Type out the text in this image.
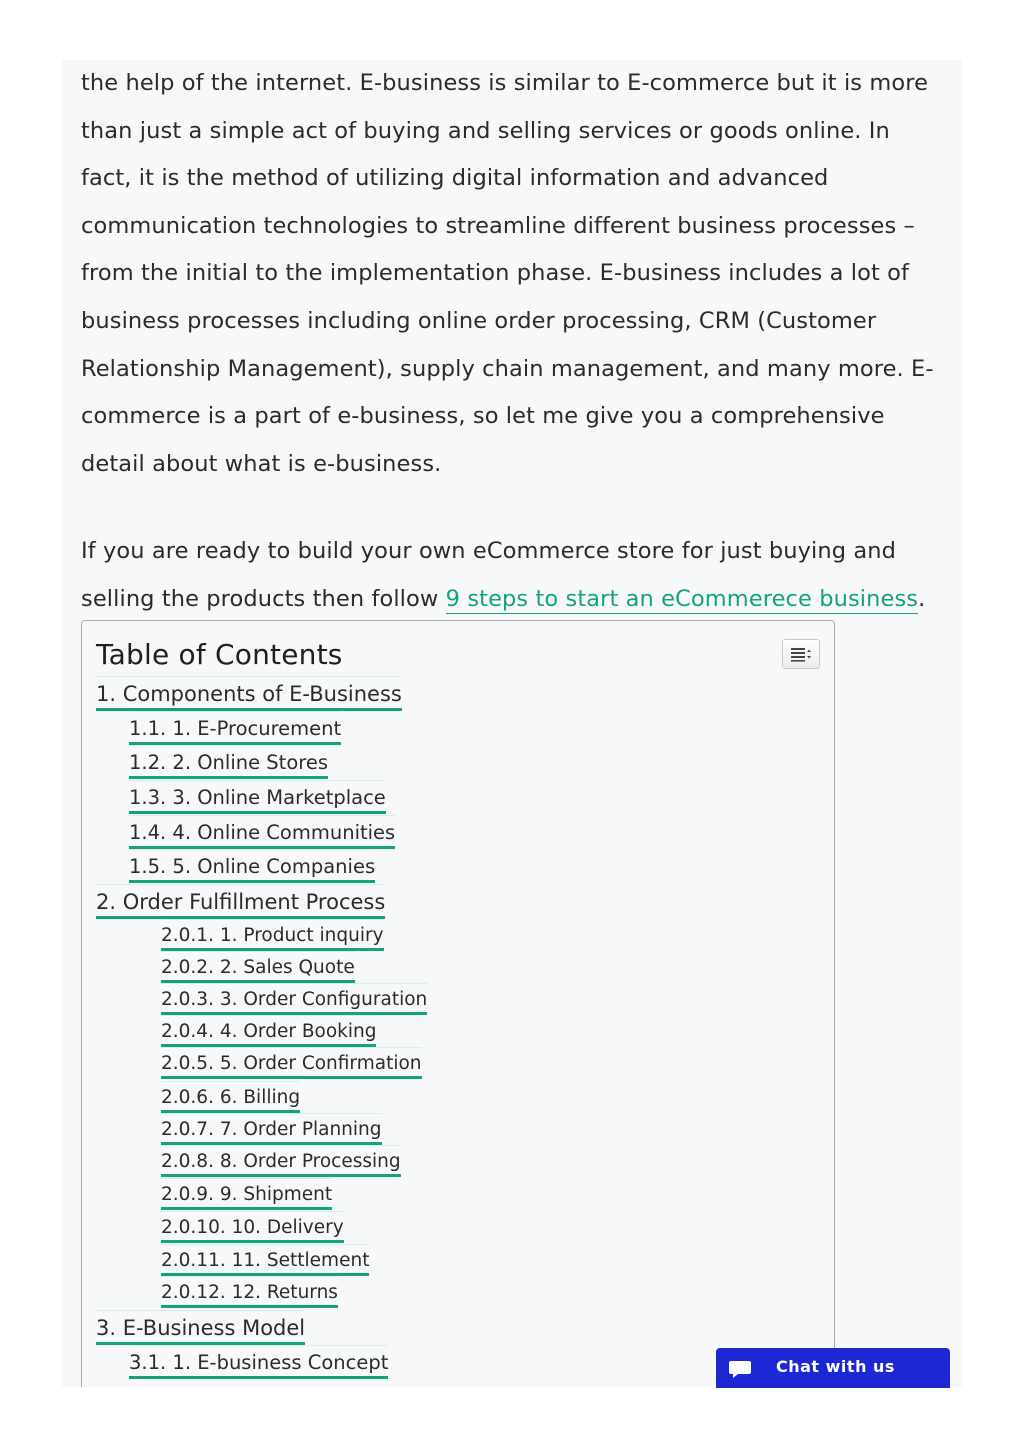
the help of the internet. E-business is similar to E-commerce but it is more than just a simple act of buying and selling services or goods online. In fact, it is the method of utilizing digital information and advanced communication technologies to streamline different business processes – from the initial to the implementation phase. E-business includes a lot of business processes including online order processing, CRM (Customer Relationship Management), supply chain management, and many more. E-commerce is a part of e-business, so let me give you a comprehensive detail about what is e-business.

If you are ready to build your own eCommerce store for just buying and selling the products then follow 9 steps to start an eCommerece business.

Table of Contents
1. Components of E-Business
1.1. 1. E-Procurement
1.2. 2. Online Stores
1.3. 3. Online Marketplace
1.4. 4. Online Communities
1.5. 5. Online Companies
2. Order Fulfillment Process
2.0.1. 1. Product inquiry
2.0.2. 2. Sales Quote
2.0.3. 3. Order Configuration
2.0.4. 4. Order Booking
2.0.5. 5. Order Confirmation
2.0.6. 6. Billing
2.0.7. 7. Order Planning
2.0.8. 8. Order Processing
2.0.9. 9. Shipment
2.0.10. 10. Delivery
2.0.11. 11. Settlement
2.0.12. 12. Returns
3. E-Business Model
3.1. 1. E-business Concept	Chat with us
